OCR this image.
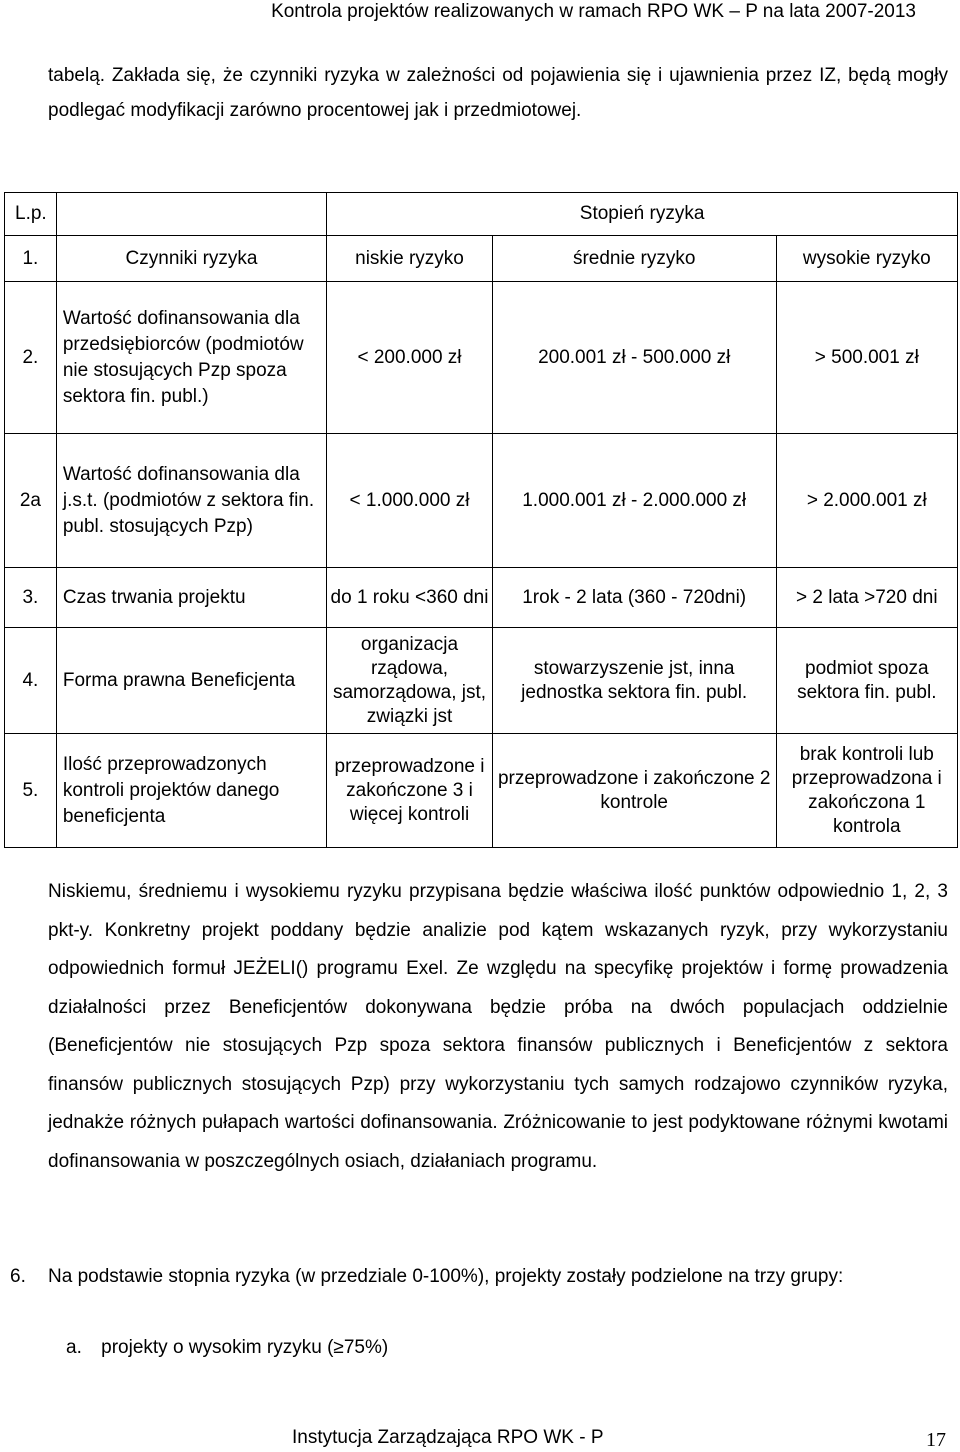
Kontrola projektów realizowanych w ramach RPO WK – P na lata 2007-2013
tabelą. Zakłada się, że czynniki ryzyka w zależności od pojawienia się i ujawnienia przez IZ, będą mogły podlegać modyfikacji zarówno procentowej jak i przedmiotowej.
L.p.		Stopień ryzyka		
1.	Czynniki ryzyka	niskie ryzyko	średnie ryzyko	wysokie ryzyko
2.	Wartość dofinansowania dla przedsiębiorców (podmiotów nie stosujących Pzp spoza sektora fin. publ.)	< 200.000 zł	200.001 zł - 500.000 zł	> 500.001 zł
2a	Wartość dofinansowania dla j.s.t. (podmiotów z sektora fin. publ. stosujących Pzp)	< 1.000.000 zł	1.000.001 zł - 2.000.000 zł	> 2.000.001 zł
3.	Czas trwania projektu	do 1 roku <360 dni	1rok - 2 lata (360 - 720dni)	> 2 lata >720 dni
4.	Forma prawna Beneficjenta	organizacja rządowa, samorządowa, jst, związki jst	stowarzyszenie jst, inna jednostka sektora fin. publ.	podmiot spoza sektora fin. publ.
5.	Ilość przeprowadzonych kontroli projektów danego beneficjenta	przeprowadzone i zakończone 3 i więcej kontroli	przeprowadzone i zakończone 2 kontrole	brak kontroli lub przeprowadzona i zakończona 1 kontrola
Niskiemu, średniemu i wysokiemu ryzyku przypisana będzie właściwa ilość punktów odpowiednio 1, 2, 3 pkt-y. Konkretny projekt poddany będzie analizie pod kątem wskazanych ryzyk, przy wykorzystaniu odpowiednich formuł JEŻELI() programu Exel. Ze względu na specyfikę projektów i formę prowadzenia działalności przez Beneficjentów dokonywana będzie próba na dwóch populacjach oddzielnie (Beneficjentów nie stosujących Pzp spoza sektora finansów publicznych i Beneficjentów z sektora finansów publicznych stosujących Pzp) przy wykorzystaniu tych samych rodzajowo czynników ryzyka, jednakże różnych pułapach wartości dofinansowania. Zróżnicowanie to jest podyktowane różnymi kwotami dofinansowania w poszczególnych osiach, działaniach programu.
6. Na podstawie stopnia ryzyka (w przedziale 0-100%), projekty zostały podzielone na trzy grupy:
a. projekty o wysokim ryzyku (≥75%)
Instytucja Zarządzająca RPO WK - P	17
